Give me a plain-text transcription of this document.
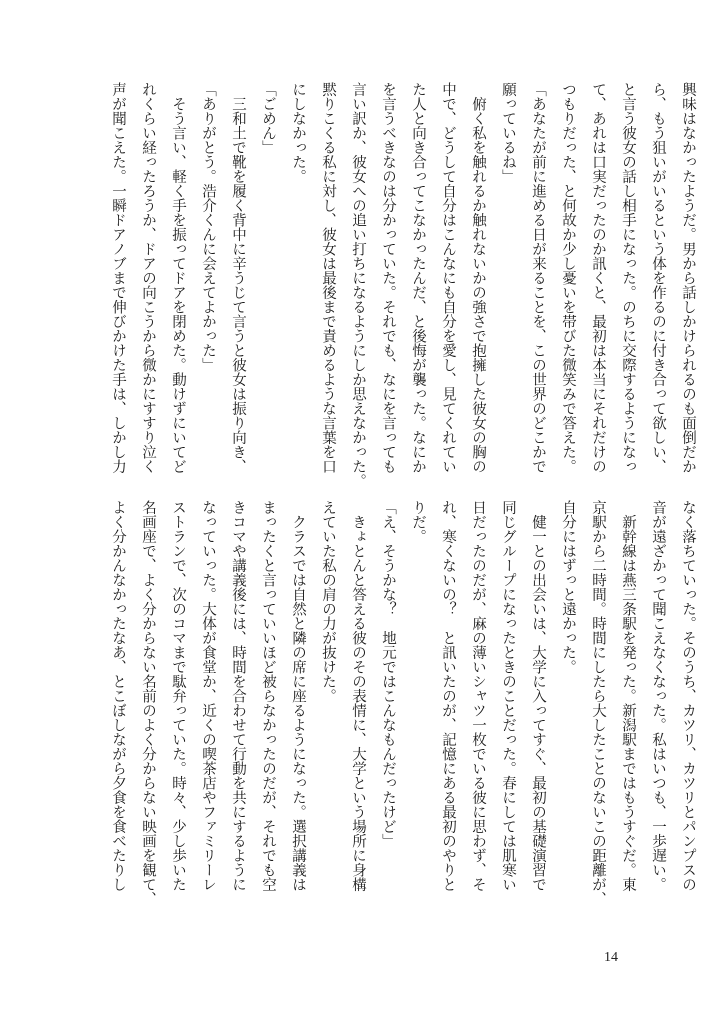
興味はなかったようだ。男から話しかけられるのも面倒だか
ら、もう狙いがいるという体を作るのに付き合って欲しい、
と言う彼女の話し相手になった。のちに交際するようになっ
て、あれは口実だったのか訊くと、最初は本当にそれだけの
つもりだった、と何故か少し憂いを帯びた微笑みで答えた。
「あなたが前に進める日が来ることを、この世界のどこかで
願っているね」
　俯く私を触れるか触れないかの強さで抱擁した彼女の胸の
中で、どうして自分はこんなにも自分を愛し、見てくれてい
た人と向き合ってこなかったんだ、と後悔が襲った。なにか
を言うべきなのは分かっていた。それでも、なにを言っても
言い訳か、彼女への追い打ちになるようにしか思えなかった。
黙りこくる私に対し、彼女は最後まで責めるような言葉を口
にしなかった。
「ごめん」
　三和土で靴を履く背中に辛うじて言うと彼女は振り向き、
「ありがとう。浩介くんに会えてよかった」
　そう言い、軽く手を振ってドアを閉めた。動けずにいてど
れくらい経ったろうか、ドアの向こうから微かにすすり泣く
声が聞こえた。一瞬ドアノブまで伸びかけた手は、しかし力
なく落ちていった。そのうち、カツリ、カツリとパンプスの
音が遠ざかって聞こえなくなった。私はいつも、一歩遅い。
　新幹線は燕三条駅を発った。新潟駅まではもうすぐだ。東
京駅から二時間。時間にしたら大したことのないこの距離が、
自分にはずっと遠かった。
　健一との出会いは、大学に入ってすぐ、最初の基礎演習で
同じグループになったときのことだった。春にしては肌寒い
日だったのだが、麻の薄いシャツ一枚でいる彼に思わず、そ
れ、寒くないの？　と訊いたのが、記憶にある最初のやりと
りだ。
「え、そうかな？　地元ではこんなもんだったけど」
　きょとんと答える彼のその表情に、大学という場所に身構
えていた私の肩の力が抜けた。
　クラスでは自然と隣の席に座るようになった。選択講義は
まったくと言っていいほど被らなかったのだが、それでも空
きコマや講義後には、時間を合わせて行動を共にするように
なっていった。大体が食堂か、近くの喫茶店やファミリーレ
ストランで、次のコマまで駄弁っていた。時々、少し歩いた
名画座で、よく分からない名前のよく分からない映画を観て、
よく分かんなかったなあ、とこぼしながら夕食を食べたりし
14
